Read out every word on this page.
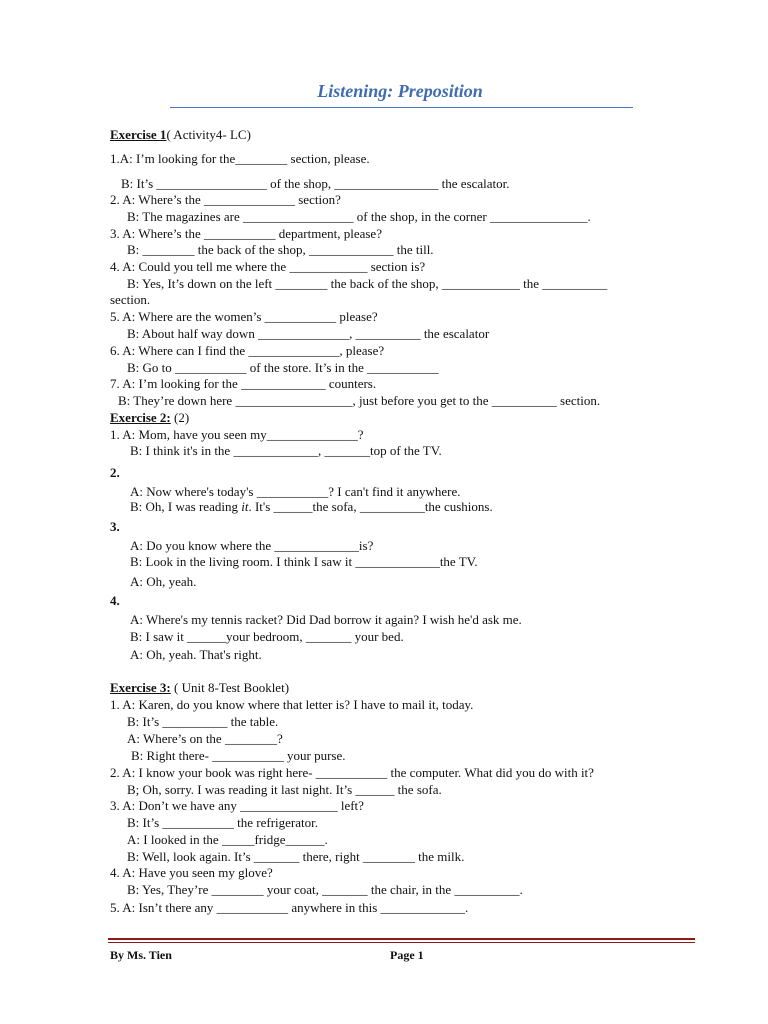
Listening: Preposition
Exercise 1( Activity4- LC)
1.A: I’m looking for the________ section, please.
B: It’s _________________ of the shop, ________________ the escalator.
2. A: Where’s the ______________ section?
B: The magazines are _________________ of the shop, in the corner _______________.
3. A: Where’s the ___________ department, please?
B: ________ the back of the shop, _____________ the till.
4. A: Could you tell me where the ____________ section is?
B: Yes, It’s down on the left ________ the back of the shop, ____________ the __________
section.
5. A: Where are the women’s ___________ please?
B: About half way down ______________, __________ the escalator
6. A: Where can I find the ______________, please?
B: Go to ___________ of the store. It’s in the ___________
7. A: I’m looking for the _____________ counters.
B: They’re down here __________________, just before you get to the __________ section.
Exercise 2: (2)
1. A: Mom, have you seen my______________?
B: I think it's in the _____________, _______top of the TV.
2.
A: Now where's today's ___________? I can't find it anywhere.
B: Oh, I was reading it. It's ______the sofa, __________the cushions.
3.
A: Do you know where the _____________is?
B: Look in the living room. I think I saw it _____________the TV.
A: Oh, yeah.
4.
A: Where's my tennis racket? Did Dad borrow it again? I wish he'd ask me.
B: I saw it ______your bedroom, _______ your bed.
A: Oh, yeah. That's right.
Exercise 3: ( Unit 8-Test Booklet)
1. A: Karen, do you know where that letter is? I have to mail it, today.
B: It’s __________ the table.
A: Where’s on the ________?
B: Right there- ___________ your purse.
2. A: I know your book was right here- ___________ the computer. What did you do with it?
B; Oh, sorry. I was reading it last night. It’s ______ the sofa.
3. A: Don’t we have any _______________ left?
B: It’s ___________ the refrigerator.
A: I looked in the _____fridge______.
B: Well, look again. It’s _______ there, right ________ the milk.
4. A: Have you seen my glove?
B: Yes, They’re ________ your coat, _______ the chair, in the __________.
5. A: Isn’t there any ___________ anywhere in this _____________.
By Ms. Tien	Page 1
